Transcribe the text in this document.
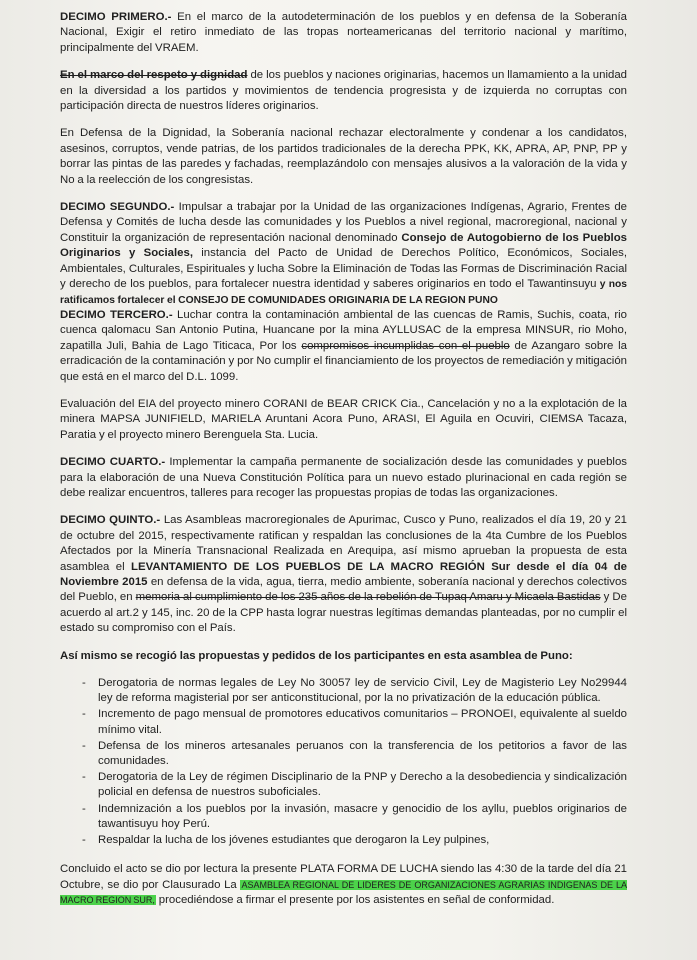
DECIMO PRIMERO.- En el marco de la autodeterminación de los pueblos y en defensa de la Soberanía Nacional, Exigir el retiro inmediato de las tropas norteamericanas del territorio nacional y marítimo, principalmente del VRAEM.

En el marco del respeto y dignidad de los pueblos y naciones originarias, hacemos un llamamiento a la unidad en la diversidad a los partidos y movimientos de tendencia progresista y de izquierda no corruptas con participación directa de nuestros líderes originarios.

En Defensa de la Dignidad, la Soberanía nacional rechazar electoralmente y condenar a los candidatos, asesinos, corruptos, vende patrias, de los partidos tradicionales de la derecha PPK, KK, APRA, AP, PNP, PP y borrar las pintas de las paredes y fachadas, reemplazándolo con mensajes alusivos a la valoración de la vida y No a la reelección de los congresistas.

DECIMO SEGUNDO.- Impulsar a trabajar por la Unidad de las organizaciones Indígenas, Agrario, Frentes de Defensa y Comités de lucha desde las comunidades y los Pueblos a nivel regional, macroregional, nacional y Constituir la organización de representación nacional denominado Consejo de Autogobierno de los Pueblos Originarios y Sociales, instancia del Pacto de Unidad de Derechos Político, Económicos, Sociales, Ambientales, Culturales, Espirituales y lucha Sobre la Eliminación de Todas las Formas de Discriminación Racial y derecho de los pueblos, para fortalecer nuestra identidad y saberes originarios en todo el Tawantinsuyu y nos ratificamos fortalecer el CONSEJO DE COMUNIDADES ORIGINARIA DE LA REGION PUNO

DECIMO TERCERO.- Luchar contra la contaminación ambiental de las cuencas de Ramis, Suchis, coata, rio cuenca qalomacu San Antonio Putina, Huancane por la mina AYLLUSAC de la empresa MINSUR, rio Moho, zapatilla Juli, Bahia de Lago Titicaca, Por los compromisos incumplidas con el pueblo de Azangaro sobre la erradicación de la contaminación y por No cumplir el financiamiento de los proyectos de remediación y mitigación que está en el marco del D.L. 1099.

Evaluación del EIA del proyecto minero CORANI de BEAR CRICK Cia., Cancelación y no a la explotación de la minera MAPSA JUNIFIELD, MARIELA Aruntani Acora Puno, ARASI, El Aguila en Ocuviri, CIEMSA Tacaza, Paratia y el proyecto minero Berenguela Sta. Lucia.

DECIMO CUARTO.- Implementar la campaña permanente de socialización desde las comunidades y pueblos para la elaboración de una Nueva Constitución Política para un nuevo estado plurinacional en cada región se debe realizar encuentros, talleres para recoger las propuestas propias de todas las organizaciones.

DECIMO QUINTO.- Las Asambleas macroregionales de Apurimac, Cusco y Puno, realizados el día 19, 20 y 21 de octubre del 2015, respectivamente ratifican y respaldan las conclusiones de la 4ta Cumbre de los Pueblos Afectados por la Minería Transnacional Realizada en Arequipa, así mismo aprueban la propuesta de esta asamblea el LEVANTAMIENTO DE LOS PUEBLOS DE LA MACRO REGIÓN Sur desde el día 04 de Noviembre 2015 en defensa de la vida, agua, tierra, medio ambiente, soberanía nacional y derechos colectivos del Pueblo, en memoria al cumplimiento de los 235 años de la rebelión de Tupaq Amaru y Micaela Bastidas y De acuerdo al art.2 y 145, inc. 20 de la CPP hasta lograr nuestras legítimas demandas planteadas, por no cumplir el estado su compromiso con el País.

Así mismo se recogió las propuestas y pedidos de los participantes en esta asamblea de Puno:

- Derogatoria de normas legales de Ley No 30057 ley de servicio Civil, Ley de Magisterio Ley No29944 ley de reforma magisterial por ser anticonstitucional, por la no privatización de la educación pública.
- Incremento de pago mensual de promotores educativos comunitarios – PRONOEI, equivalente al sueldo mínimo vital.
- Defensa de los mineros artesanales peruanos con la transferencia de los petitorios a favor de las comunidades.
- Derogatoria de la Ley de régimen Disciplinario de la PNP y Derecho a la desobediencia y sindicalización policial en defensa de nuestros suboficiales.
- Indemnización a los pueblos por la invasión, masacre y genocidio de los ayllu, pueblos originarios de tawantisuyu hoy Perú.
- Respaldar la lucha de los jóvenes estudiantes que derogaron la Ley pulpines,

Concluido el acto se dio por lectura la presente PLATA FORMA DE LUCHA siendo las 4:30 de la tarde del día 21 Octubre, se dio por Clausurado La ASAMBLEA REGIONAL DE LIDERES DE ORGANIZACIONES AGRARIAS INDIGENAS DE LA MACRO REGION SUR, procediéndose a firmar el presente por los asistentes en señal de conformidad.
